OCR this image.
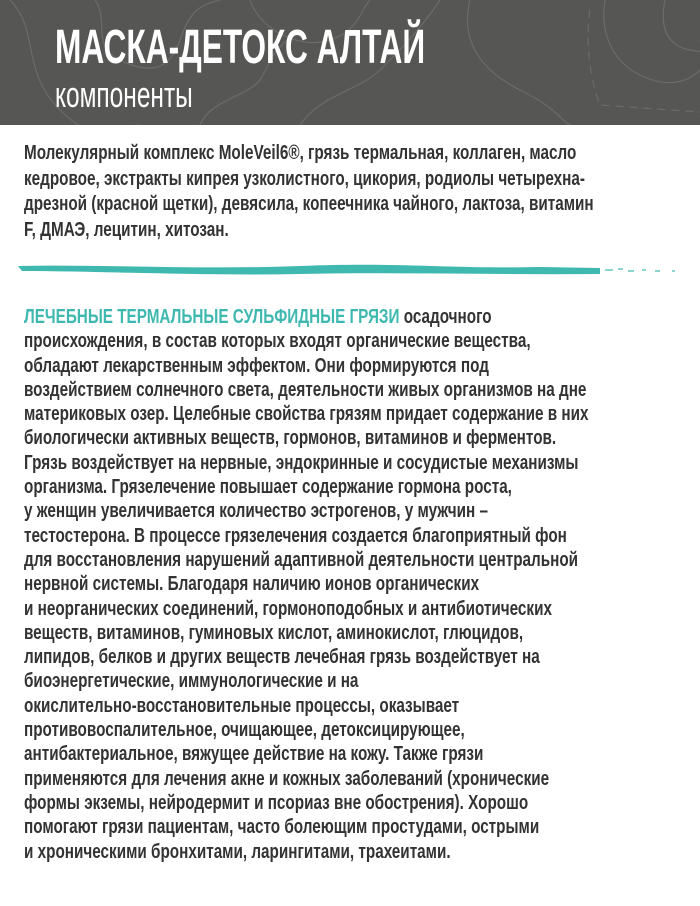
МАСКА-ДЕТОКС АЛТАЙ
компоненты
Молекулярный комплекс MoleVeil6®, грязь термальная, коллаген, масло
кедровое, экстракты кипрея узколистного, цикория, родиолы четырехна-
дрезной (красной щетки), девясила, копеечника чайного, лактоза, витамин
F, ДМАЭ, лецитин, хитозан.
ЛЕЧЕБНЫЕ ТЕРМАЛЬНЫЕ СУЛЬФИДНЫЕ ГРЯЗИ осадочного
происхождения, в состав которых входят органические вещества,
обладают лекарственным эффектом. Они формируются под
воздействием солнечного света, деятельности живых организмов на дне
материковых озер. Целебные свойства грязям придает содержание в них
биологически активных веществ, гормонов, витаминов и ферментов.
Грязь воздействует на нервные, эндокринные и сосудистые механизмы
организма. Грязелечение повышает содержание гормона роста,
у женщин увеличивается количество эстрогенов, у мужчин –
тестостерона. В процессе грязелечения создается благоприятный фон
для восстановления нарушений адаптивной деятельности центральной
нервной системы. Благодаря наличию ионов органических
и неорганических соединений, гормоноподобных и антибиотических
веществ, витаминов, гуминовых кислот, аминокислот, глюцидов,
липидов, белков и других веществ лечебная грязь воздействует на
биоэнергетические, иммунологические и на
окислительно-восстановительные процессы, оказывает
противовоспалительное, очищающее, детоксицирующее,
антибактериальное, вяжущее действие на кожу. Также грязи
применяются для лечения акне и кожных заболеваний (хронические
формы экземы, нейродермит и псориаз вне обострения). Хорошо
помогают грязи пациентам, часто болеющим простудами, острыми
и хроническими бронхитами, ларингитами, трахеитами.
